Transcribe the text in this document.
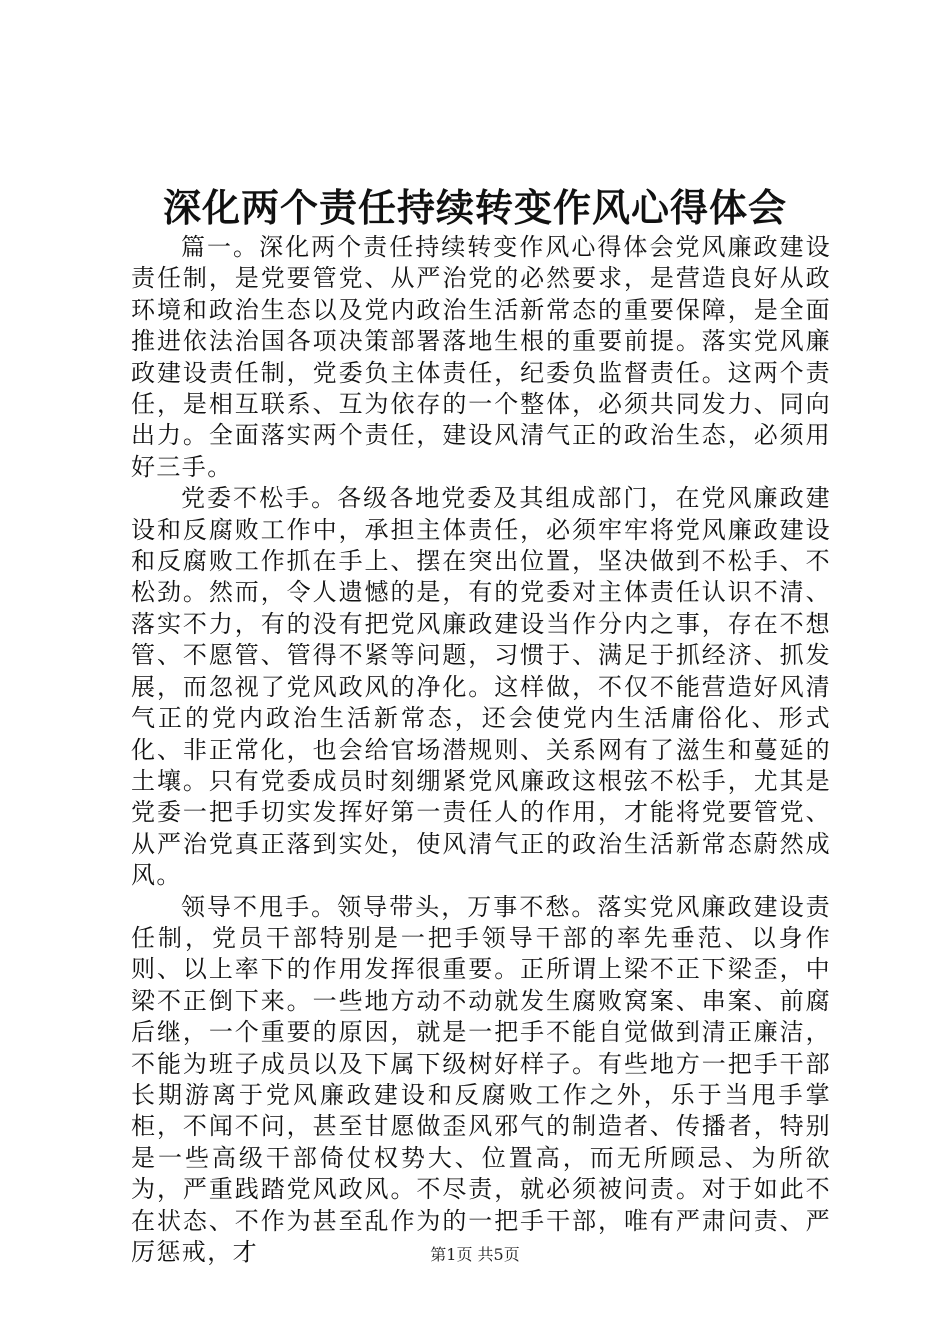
深化两个责任持续转变作风心得体会

篇一。深化两个责任持续转变作风心得体会党风廉政建设责任制，是党要管党、从严治党的必然要求，是营造良好从政环境和政治生态以及党内政治生活新常态的重要保障，是全面推进依法治国各项决策部署落地生根的重要前提。落实党风廉政建设责任制，党委负主体责任，纪委负监督责任。这两个责任，是相互联系、互为依存的一个整体，必须共同发力、同向出力。全面落实两个责任，建设风清气正的政治生态，必须用好三手。

党委不松手。各级各地党委及其组成部门，在党风廉政建设和反腐败工作中，承担主体责任，必须牢牢将党风廉政建设和反腐败工作抓在手上、摆在突出位置，坚决做到不松手、不松劲。然而，令人遗憾的是，有的党委对主体责任认识不清、落实不力，有的没有把党风廉政建设当作分内之事，存在不想管、不愿管、管得不紧等问题，习惯于、满足于抓经济、抓发展，而忽视了党风政风的净化。这样做，不仅不能营造好风清气正的党内政治生活新常态，还会使党内生活庸俗化、形式化、非正常化，也会给官场潜规则、关系网有了滋生和蔓延的土壤。只有党委成员时刻绷紧党风廉政这根弦不松手，尤其是党委一把手切实发挥好第一责任人的作用，才能将党要管党、从严治党真正落到实处，使风清气正的政治生活新常态蔚然成风。

领导不甩手。领导带头，万事不愁。落实党风廉政建设责任制，党员干部特别是一把手领导干部的率先垂范、以身作则、以上率下的作用发挥很重要。正所谓上梁不正下梁歪，中梁不正倒下来。一些地方动不动就发生腐败窝案、串案、前腐后继，一个重要的原因，就是一把手不能自觉做到清正廉洁，不能为班子成员以及下属下级树好样子。有些地方一把手干部长期游离于党风廉政建设和反腐败工作之外，乐于当甩手掌柜，不闻不问，甚至甘愿做歪风邪气的制造者、传播者，特别是一些高级干部倚仗权势大、位置高，而无所顾忌、为所欲为，严重践踏党风政风。不尽责，就必须被问责。对于如此不在状态、不作为甚至乱作为的一把手干部，唯有严肃问责、严厉惩戒，才	第1页 共5页
